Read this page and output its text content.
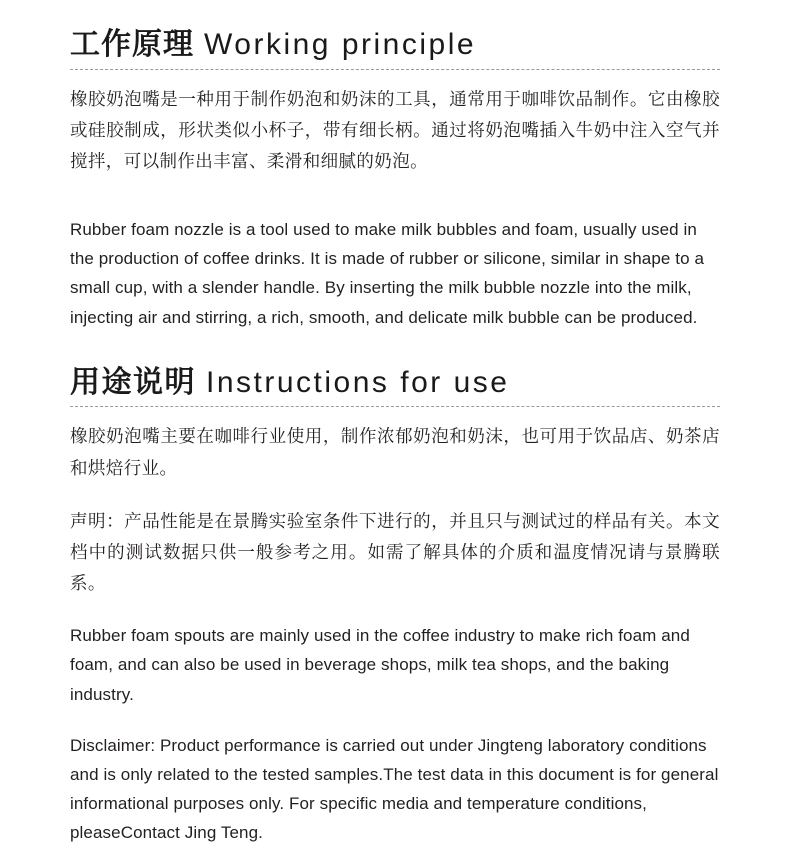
工作原理 Working principle

橡胶奶泡嘴是一种用于制作奶泡和奶沫的工具，通常用于咖啡饮品制作。它由橡胶或硅胶制成，形状类似小杯子，带有细长柄。通过将奶泡嘴插入牛奶中注入空气并搅拌，可以制作出丰富、柔滑和细腻的奶泡。

Rubber foam nozzle is a tool used to make milk bubbles and foam, usually used in the production of coffee drinks. It is made of rubber or silicone, similar in shape to a small cup, with a slender handle. By inserting the milk bubble nozzle into the milk, injecting air and stirring, a rich, smooth, and delicate milk bubble can be produced.

用途说明 Instructions for use

橡胶奶泡嘴主要在咖啡行业使用，制作浓郁奶泡和奶沫，也可用于饮品店、奶茶店和烘焙行业。

声明：产品性能是在景腾实验室条件下进行的，并且只与测试过的样品有关。本文档中的测试数据只供一般参考之用。如需了解具体的介质和温度情况请与景腾联系。

Rubber foam spouts are mainly used in the coffee industry to make rich foam and foam, and can also be used in beverage shops, milk tea shops, and the baking industry.

Disclaimer: Product performance is carried out under Jingteng laboratory conditions and is only related to the tested samples.The test data in this document is for general informational purposes only. For specific media and temperature conditions, pleaseContact Jing Teng.
